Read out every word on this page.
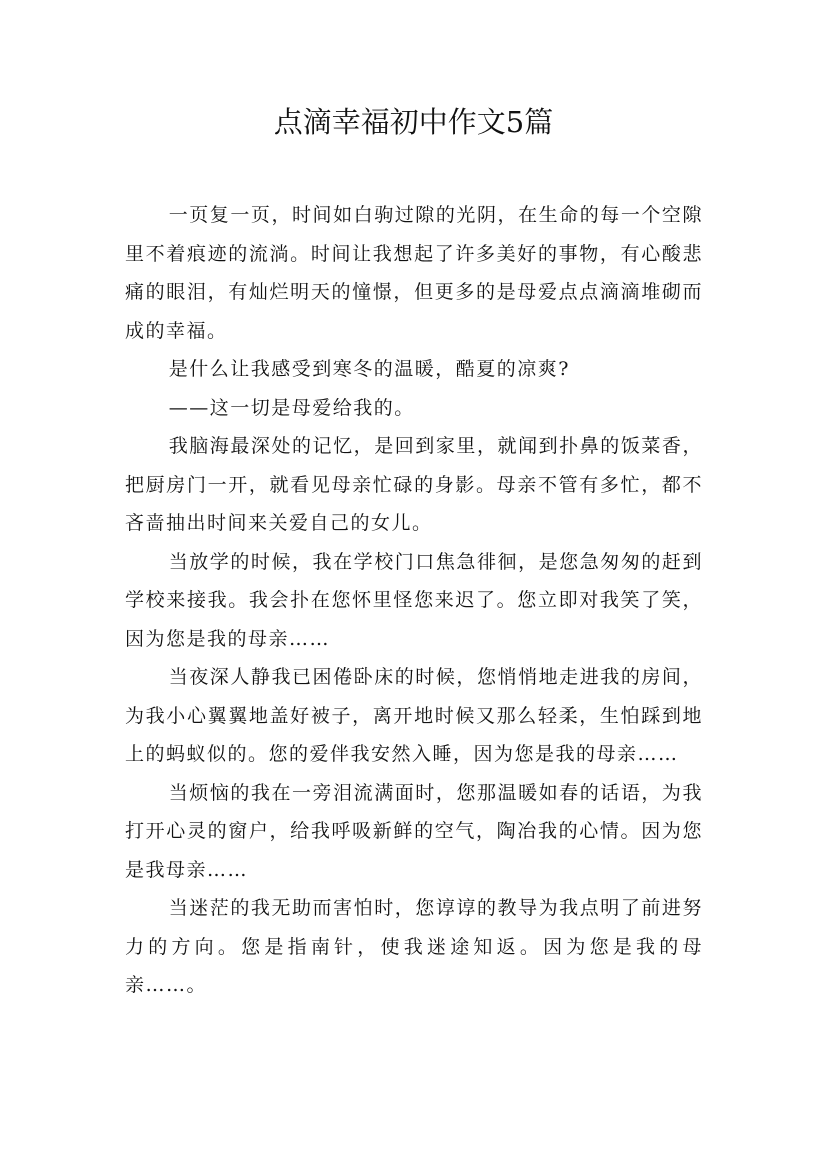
点滴幸福初中作文5篇

一页复一页，时间如白驹过隙的光阴，在生命的每一个空隙里不着痕迹的流淌。时间让我想起了许多美好的事物，有心酸悲痛的眼泪，有灿烂明天的憧憬，但更多的是母爱点点滴滴堆砌而成的幸福。

是什么让我感受到寒冬的温暖，酷夏的凉爽?

——这一切是母爱给我的。

我脑海最深处的记忆，是回到家里，就闻到扑鼻的饭菜香，把厨房门一开，就看见母亲忙碌的身影。母亲不管有多忙，都不吝啬抽出时间来关爱自己的女儿。

当放学的时候，我在学校门口焦急徘徊，是您急匆匆的赶到学校来接我。我会扑在您怀里怪您来迟了。您立即对我笑了笑，因为您是我的母亲……

当夜深人静我已困倦卧床的时候，您悄悄地走进我的房间，为我小心翼翼地盖好被子，离开地时候又那么轻柔，生怕踩到地上的蚂蚁似的。您的爱伴我安然入睡，因为您是我的母亲……

当烦恼的我在一旁泪流满面时，您那温暖如春的话语，为我打开心灵的窗户，给我呼吸新鲜的空气，陶冶我的心情。因为您是我母亲……

当迷茫的我无助而害怕时，您谆谆的教导为我点明了前进努力的方向。您是指南针，使我迷途知返。因为您是我的母亲……。
